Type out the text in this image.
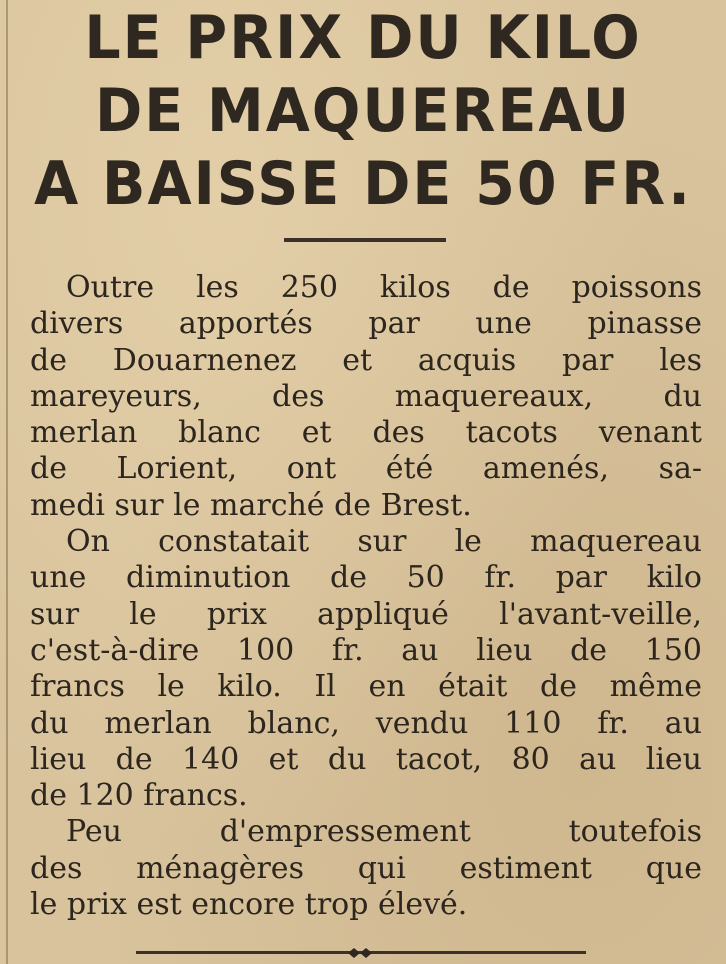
LE PRIX DU KILO
DE MAQUEREAU
A BAISSE DE 50 FR.
Outre les 250 kilos de poissons
divers apportés par une pinasse
de Douarnenez et acquis par les
mareyeurs, des maquereaux, du
merlan blanc et des tacots venant
de Lorient, ont été amenés, sa-
medi sur le marché de Brest.
On constatait sur le maquereau
une diminution de 50 fr. par kilo
sur le prix appliqué l'avant-veille,
c'est-à-dire 100 fr. au lieu de 150
francs le kilo. Il en était de même
du merlan blanc, vendu 110 fr. au
lieu de 140 et du tacot, 80 au lieu
de 120 francs.
Peu d'empressement toutefois
des ménagères qui estiment que
le prix est encore trop élevé.
